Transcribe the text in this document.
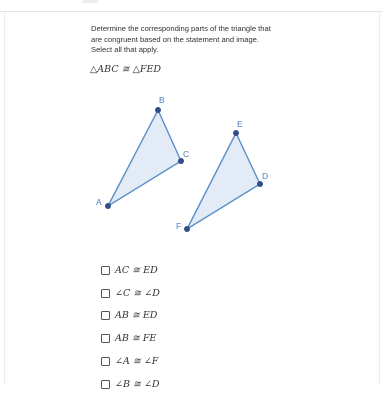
Determine the corresponding parts of the triangle that
are congruent based on the statement and image.
Select all that apply.
△ABC ≅ △FED
A
B
C
E
D
F
AC ≅ ED
∠C ≅ ∠D
AB ≅ ED
AB ≅ FE
∠A ≅ ∠F
∠B ≅ ∠D
